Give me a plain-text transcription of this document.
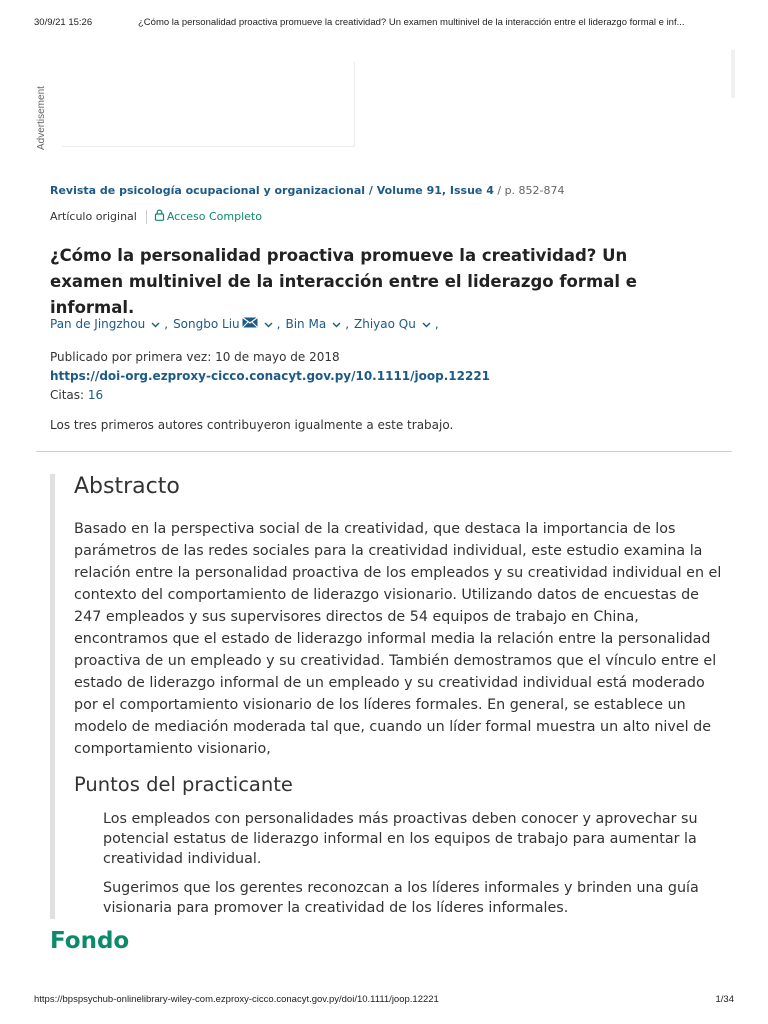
30/9/21 15:26	¿Cómo la personalidad proactiva promueve la creatividad? Un examen multinivel de la interacción entre el liderazgo formal e inf...
Advertisement
Revista de psicología ocupacional y organizacional / Volume 91, Issue 4 / p. 852-874
Artículo original	Acceso Completo
¿Cómo la personalidad proactiva promueve la creatividad? Un examen multinivel de la interacción entre el liderazgo formal e informal.
Pan de Jingzhou , Songbo Liu	, Bin Ma , Zhiyao Qu ,
Publicado por primera vez: 10 de mayo de 2018
https://doi-org.ezproxy-cicco.conacyt.gov.py/10.1111/joop.12221
Citas: 16
Los tres primeros autores contribuyeron igualmente a este trabajo.
Abstracto

Basado en la perspectiva social de la creatividad, que destaca la importancia de los parámetros de las redes sociales para la creatividad individual, este estudio examina la relación entre la personalidad proactiva de los empleados y su creatividad individual en el contexto del comportamiento de liderazgo visionario. Utilizando datos de encuestas de 247 empleados y sus supervisores directos de 54 equipos de trabajo en China, encontramos que el estado de liderazgo informal media la relación entre la personalidad proactiva de un empleado y su creatividad. También demostramos que el vínculo entre el estado de liderazgo informal de un empleado y su creatividad individual está moderado por el comportamiento visionario de los líderes formales. En general, se establece un modelo de mediación moderada tal que, cuando un líder formal muestra un alto nivel de comportamiento visionario,

Puntos del practicante
Los empleados con personalidades más proactivas deben conocer y aprovechar su potencial estatus de liderazgo informal en los equipos de trabajo para aumentar la creatividad individual.
Sugerimos que los gerentes reconozcan a los líderes informales y brinden una guía visionaria para promover la creatividad de los líderes informales.
Fondo
https://bpspsychub-onlinelibrary-wiley-com.ezproxy-cicco.conacyt.gov.py/doi/10.1111/joop.12221	1/34
